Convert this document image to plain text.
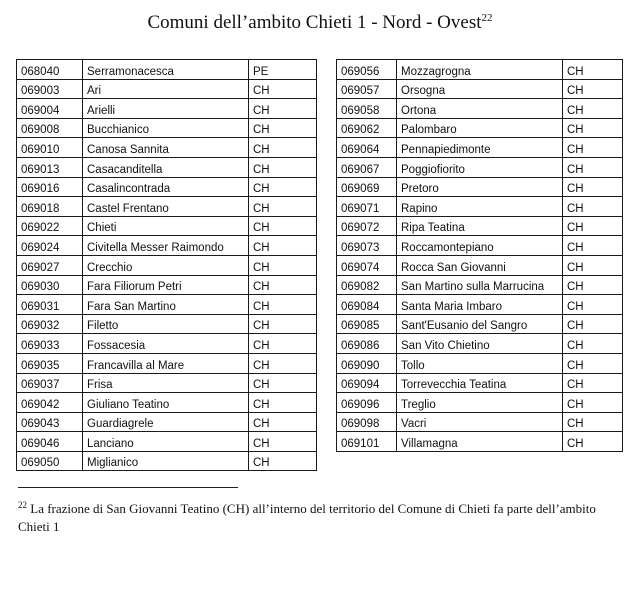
Comuni dell’ambito Chieti 1 - Nord - Ovest$^{22}$
068040	Serramonacesca	PE
069003	Ari	CH
069004	Arielli	CH
069008	Bucchianico	CH
069010	Canosa Sannita	CH
069013	Casacanditella	CH
069016	Casalincontrada	CH
069018	Castel Frentano	CH
069022	Chieti	CH
069024	Civitella Messer Raimondo	CH
069027	Crecchio	CH
069030	Fara Filiorum Petri	CH
069031	Fara San Martino	CH
069032	Filetto	CH
069033	Fossacesia	CH
069035	Francavilla al Mare	CH
069037	Frisa	CH
069042	Giuliano Teatino	CH
069043	Guardiagrele	CH
069046	Lanciano	CH
069050	Miglianico	CH
069056	Mozzagrogna	CH
069057	Orsogna	CH
069058	Ortona	CH
069062	Palombaro	CH
069064	Pennapiedimonte	CH
069067	Poggiofiorito	CH
069069	Pretoro	CH
069071	Rapino	CH
069072	Ripa Teatina	CH
069073	Roccamontepiano	CH
069074	Rocca San Giovanni	CH
069082	San Martino sulla Marrucina	CH
069084	Santa Maria Imbaro	CH
069085	Sant'Eusanio del Sangro	CH
069086	San Vito Chietino	CH
069090	Tollo	CH
069094	Torrevecchia Teatina	CH
069096	Treglio	CH
069098	Vacri	CH
069101	Villamagna	CH
$^{22}$ La frazione di San Giovanni Teatino (CH) all’interno del territorio del Comune di Chieti fa parte dell’ambito Chieti 1
